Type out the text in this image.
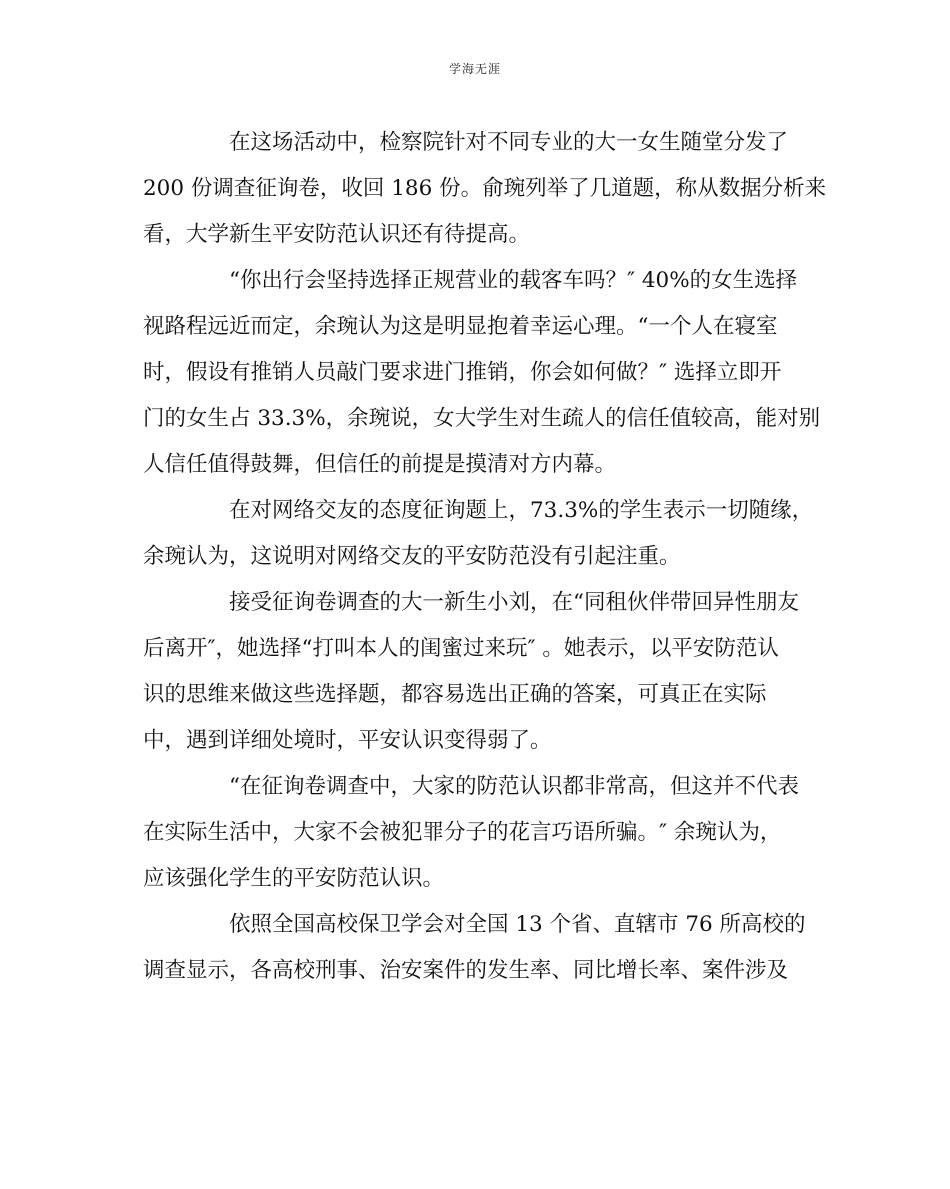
学海无涯
在这场活动中，检察院针对不同专业的大一女生随堂分发了
200 份调查征询卷，收回 186 份。俞琬列举了几道题，称从数据分析来
看，大学新生平安防范认识还有待提高。
“你出行会坚持选择正规营业的载客车吗？″ 40%的女生选择
视路程远近而定，余琬认为这是明显抱着幸运心理。“一个人在寝室
时，假设有推销人员敲门要求进门推销，你会如何做？″ 选择立即开
门的女生占 33.3%，余琬说，女大学生对生疏人的信任值较高，能对别
人信任值得鼓舞，但信任的前提是摸清对方内幕。
在对网络交友的态度征询题上，73.3%的学生表示一切随缘，
余琬认为，这说明对网络交友的平安防范没有引起注重。
接受征询卷调查的大一新生小刘，在“同租伙伴带回异性朋友
后离开″，她选择“打叫本人的闺蜜过来玩″ 。她表示，以平安防范认
识的思维来做这些选择题，都容易选出正确的答案，可真正在实际
中，遇到详细处境时，平安认识变得弱了。
“在征询卷调查中，大家的防范认识都非常高，但这并不代表
在实际生活中，大家不会被犯罪分子的花言巧语所骗。″ 余琬认为，
应该强化学生的平安防范认识。
依照全国高校保卫学会对全国 13 个省、直辖市 76 所高校的
调查显示，各高校刑事、治安案件的发生率、同比增长率、案件涉及
